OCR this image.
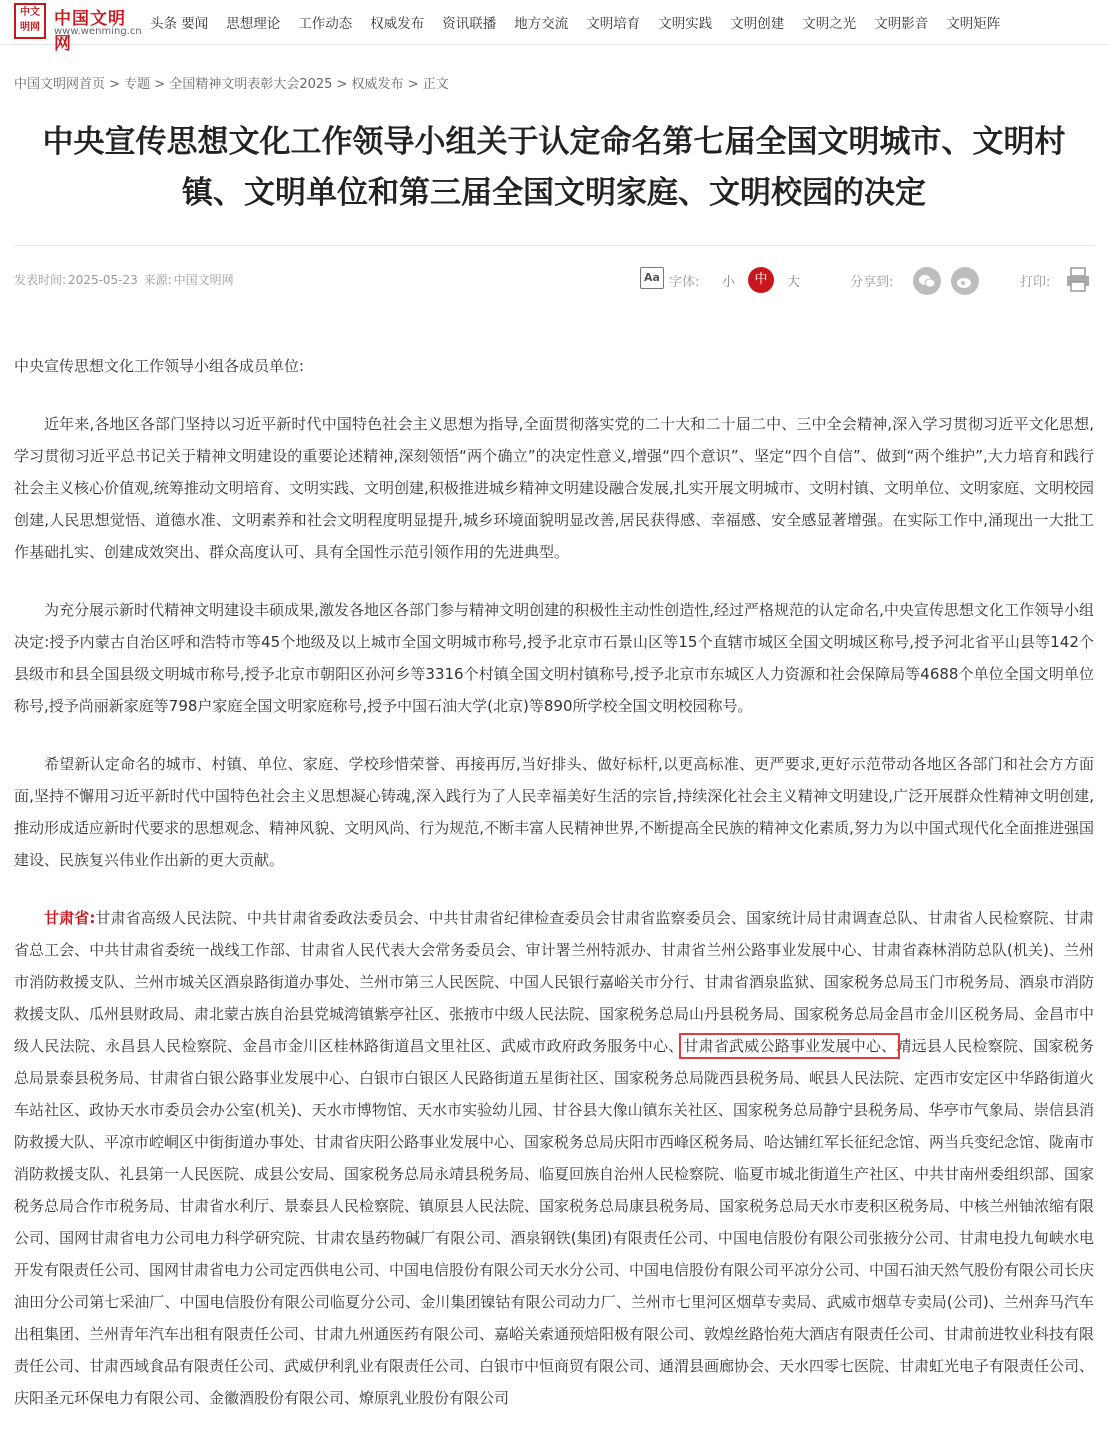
中文明网 中国文明网
www.wenming.cn 头条 要闻 思想理论 工作动态 权威发布 资讯联播 地方交流 文明培育 文明实践 文明创建 文明之光 文明影音 文明矩阵
中国文明网首页 > 专题 > 全国精神文明表彰大会2025 > 权威发布 > 正文
中央宣传思想文化工作领导小组关于认定命名第七届全国文明城市、文明村镇、文明单位和第三届全国文明家庭、文明校园的决定
发表时间: 2025-05-23 来源: 中国文明网	Aa 字体: 小	中	大	分享到:	打印:

中央宣传思想文化工作领导小组各成员单位:

近年来,各地区各部门坚持以习近平新时代中国特色社会主义思想为指导,全面贯彻落实党的二十大和二十届二中、三中全会精神,深入学习贯彻习近平文化思想,学习贯彻习近平总书记关于精神文明建设的重要论述精神,深刻领悟“两个确立”的决定性意义,增强“四个意识”、坚定“四个自信”、做到“两个维护”,大力培育和践行社会主义核心价值观,统筹推动文明培育、文明实践、文明创建,积极推进城乡精神文明建设融合发展,扎实开展文明城市、文明村镇、文明单位、文明家庭、文明校园创建,人民思想觉悟、道德水准、文明素养和社会文明程度明显提升,城乡环境面貌明显改善,居民获得感、幸福感、安全感显著增强。在实际工作中,涌现出一大批工作基础扎实、创建成效突出、群众高度认可、具有全国性示范引领作用的先进典型。

为充分展示新时代精神文明建设丰硕成果,激发各地区各部门参与精神文明创建的积极性主动性创造性,经过严格规范的认定命名,中央宣传思想文化工作领导小组决定:授予内蒙古自治区呼和浩特市等45个地级及以上城市全国文明城市称号,授予北京市石景山区等15个直辖市城区全国文明城区称号,授予河北省平山县等142个县级市和县全国县级文明城市称号,授予北京市朝阳区孙河乡等3316个村镇全国文明村镇称号,授予北京市东城区人力资源和社会保障局等4688个单位全国文明单位称号,授予尚丽新家庭等798户家庭全国文明家庭称号,授予中国石油大学(北京)等890所学校全国文明校园称号。

希望新认定命名的城市、村镇、单位、家庭、学校珍惜荣誉、再接再厉,当好排头、做好标杆,以更高标准、更严要求,更好示范带动各地区各部门和社会方方面面,坚持不懈用习近平新时代中国特色社会主义思想凝心铸魂,深入践行为了人民幸福美好生活的宗旨,持续深化社会主义精神文明建设,广泛开展群众性精神文明创建,推动形成适应新时代要求的思想观念、精神风貌、文明风尚、行为规范,不断丰富人民精神世界,不断提高全民族的精神文化素质,努力为以中国式现代化全面推进强国建设、民族复兴伟业作出新的更大贡献。

甘肃省:甘肃省高级人民法院、中共甘肃省委政法委员会、中共甘肃省纪律检查委员会甘肃省监察委员会、国家统计局甘肃调查总队、甘肃省人民检察院、甘肃省总工会、中共甘肃省委统一战线工作部、甘肃省人民代表大会常务委员会、审计署兰州特派办、甘肃省兰州公路事业发展中心、甘肃省森林消防总队(机关)、兰州市消防救援支队、兰州市城关区酒泉路街道办事处、兰州市第三人民医院、中国人民银行嘉峪关市分行、甘肃省酒泉监狱、国家税务总局玉门市税务局、酒泉市消防救援支队、瓜州县财政局、肃北蒙古族自治县党城湾镇紫亭社区、张掖市中级人民法院、国家税务总局山丹县税务局、国家税务总局金昌市金川区税务局、金昌市中级人民法院、永昌县人民检察院、金昌市金川区桂林路街道昌文里社区、武威市政府政务服务中心、甘肃省武威公路事业发展中心、靖远县人民检察院、国家税务总局景泰县税务局、甘肃省白银公路事业发展中心、白银市白银区人民路街道五星街社区、国家税务总局陇西县税务局、岷县人民法院、定西市安定区中华路街道火车站社区、政协天水市委员会办公室(机关)、天水市博物馆、天水市实验幼儿园、甘谷县大像山镇东关社区、国家税务总局静宁县税务局、华亭市气象局、崇信县消防救援大队、平凉市崆峒区中街街道办事处、甘肃省庆阳公路事业发展中心、国家税务总局庆阳市西峰区税务局、哈达铺红军长征纪念馆、两当兵变纪念馆、陇南市消防救援支队、礼县第一人民医院、成县公安局、国家税务总局永靖县税务局、临夏回族自治州人民检察院、临夏市城北街道生产社区、中共甘南州委组织部、国家税务总局合作市税务局、甘肃省水利厅、景泰县人民检察院、镇原县人民法院、国家税务总局康县税务局、国家税务总局天水市麦积区税务局、中核兰州铀浓缩有限公司、国网甘肃省电力公司电力科学研究院、甘肃农垦药物碱厂有限公司、酒泉钢铁(集团)有限责任公司、中国电信股份有限公司张掖分公司、甘肃电投九甸峡水电开发有限责任公司、国网甘肃省电力公司定西供电公司、中国电信股份有限公司天水分公司、中国电信股份有限公司平凉分公司、中国石油天然气股份有限公司长庆油田分公司第七采油厂、中国电信股份有限公司临夏分公司、金川集团镍钴有限公司动力厂、兰州市七里河区烟草专卖局、武威市烟草专卖局(公司)、兰州奔马汽车出租集团、兰州青年汽车出租有限责任公司、甘肃九州通医药有限公司、嘉峪关索通预焙阳极有限公司、敦煌丝路怡苑大酒店有限责任公司、甘肃前进牧业科技有限责任公司、甘肃西域食品有限责任公司、武威伊利乳业有限责任公司、白银市中恒商贸有限公司、通渭县画廊协会、天水四零七医院、甘肃虹光电子有限责任公司、庆阳圣元环保电力有限公司、金徽酒股份有限公司、燎原乳业股份有限公司
